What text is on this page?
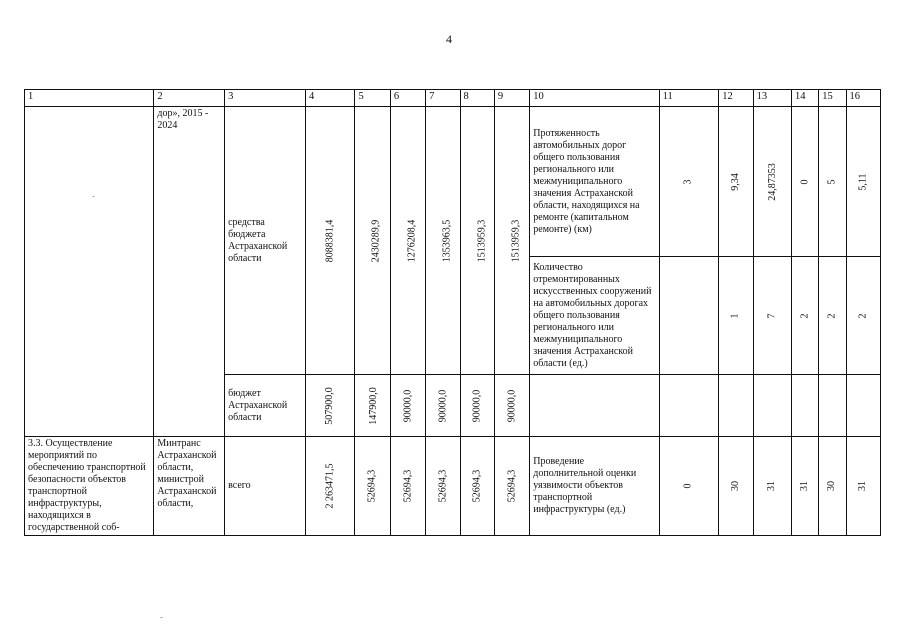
4
1	2	3	4	5	6	7	8	9	10	11	12	13	14	15	16
	дор», 2015 - 2024	средства бюджета Астраханской области	8088381,4	2430289,9	1276208,4	1353963,5	1513959,3	1513959,3	Протяженность автомобильных дорог общего пользования регионального или межмуниципального значения Астраханской области, находящихся на ремонте (капитальном ремонте) (км)	3	9,34	24,87353	0	5	5,11
									Количество отремонтированных искусственных сооружений на автомобильных дорогах общего пользования регионального или межмуниципального значения Астраханской области (ед.)		1	7	2	2	2
		бюджет Астраханской области	507900,0	147900,0	90000,0	90000,0	90000,0	90000,0							
3.3. Осуществление мероприятий по обеспечению транспортной безопасности объектов транспортной инфраструктуры, находящихся в государственной соб-	Минтранс Астраханской области, министрой Астраханской области,	всего	2 263471,5	52694,3	52694,3	52694,3	52694,3	52694,3	Проведение дополнительной оценки уязвимости объектов транспортной инфраструктуры (ед.)	0	30	31	31	30	31
